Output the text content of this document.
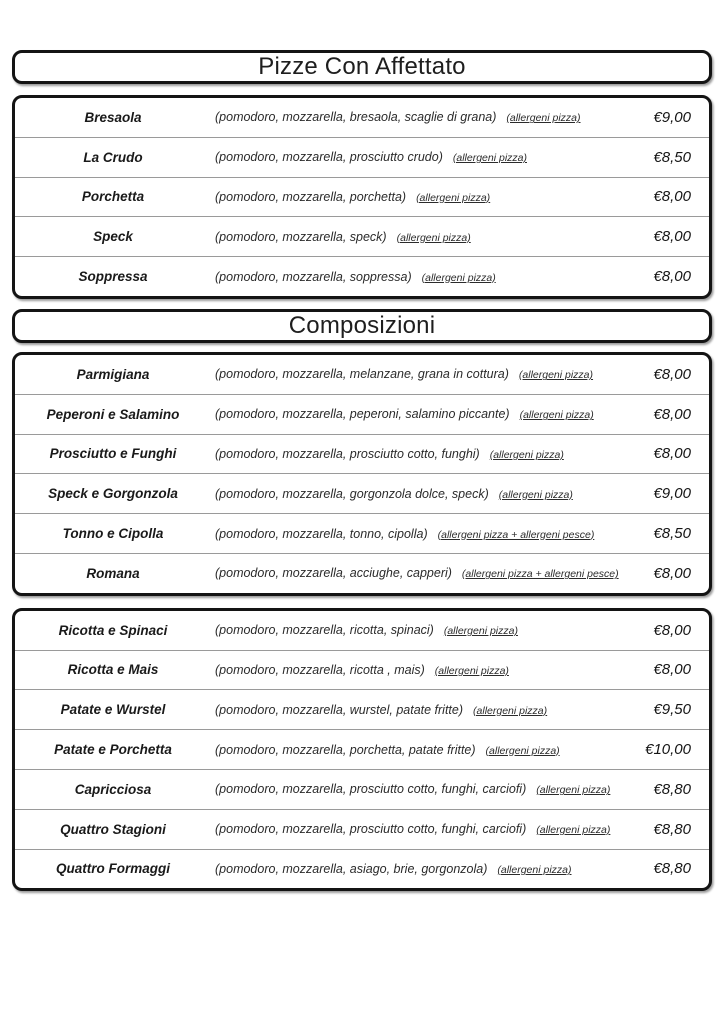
Pizze Con Affettato
Bresaola	(pomodoro, mozzarella, bresaola, scaglie di grana) (allergeni pizza)	€9,00
La Crudo	(pomodoro, mozzarella, prosciutto crudo) (allergeni pizza)	€8,50
Porchetta	(pomodoro, mozzarella, porchetta) (allergeni pizza)	€8,00
Speck	(pomodoro, mozzarella, speck) (allergeni pizza)	€8,00
Soppressa	(pomodoro, mozzarella, soppressa) (allergeni pizza)	€8,00
Composizioni
Parmigiana	(pomodoro, mozzarella, melanzane, grana in cottura) (allergeni pizza)	€8,00
Peperoni e Salamino	(pomodoro, mozzarella, peperoni, salamino piccante) (allergeni pizza)	€8,00
Prosciutto e Funghi	(pomodoro, mozzarella, prosciutto cotto, funghi) (allergeni pizza)	€8,00
Speck e Gorgonzola	(pomodoro, mozzarella, gorgonzola dolce, speck) (allergeni pizza)	€9,00
Tonno e Cipolla	(pomodoro, mozzarella, tonno, cipolla) (allergeni pizza + allergeni pesce)	€8,50
Romana	(pomodoro, mozzarella, acciughe, capperi) (allergeni pizza + allergeni pesce)	€8,00
Ricotta e Spinaci	(pomodoro, mozzarella, ricotta, spinaci) (allergeni pizza)	€8,00
Ricotta e Mais	(pomodoro, mozzarella, ricotta , mais) (allergeni pizza)	€8,00
Patate e Wurstel	(pomodoro, mozzarella, wurstel, patate fritte) (allergeni pizza)	€9,50
Patate e Porchetta	(pomodoro, mozzarella, porchetta, patate fritte) (allergeni pizza)	€10,00
Capricciosa	(pomodoro, mozzarella, prosciutto cotto, funghi, carciofi) (allergeni pizza)	€8,80
Quattro Stagioni	(pomodoro, mozzarella, prosciutto cotto, funghi, carciofi) (allergeni pizza)	€8,80
Quattro Formaggi	(pomodoro, mozzarella, asiago, brie, gorgonzola) (allergeni pizza)	€8,80
